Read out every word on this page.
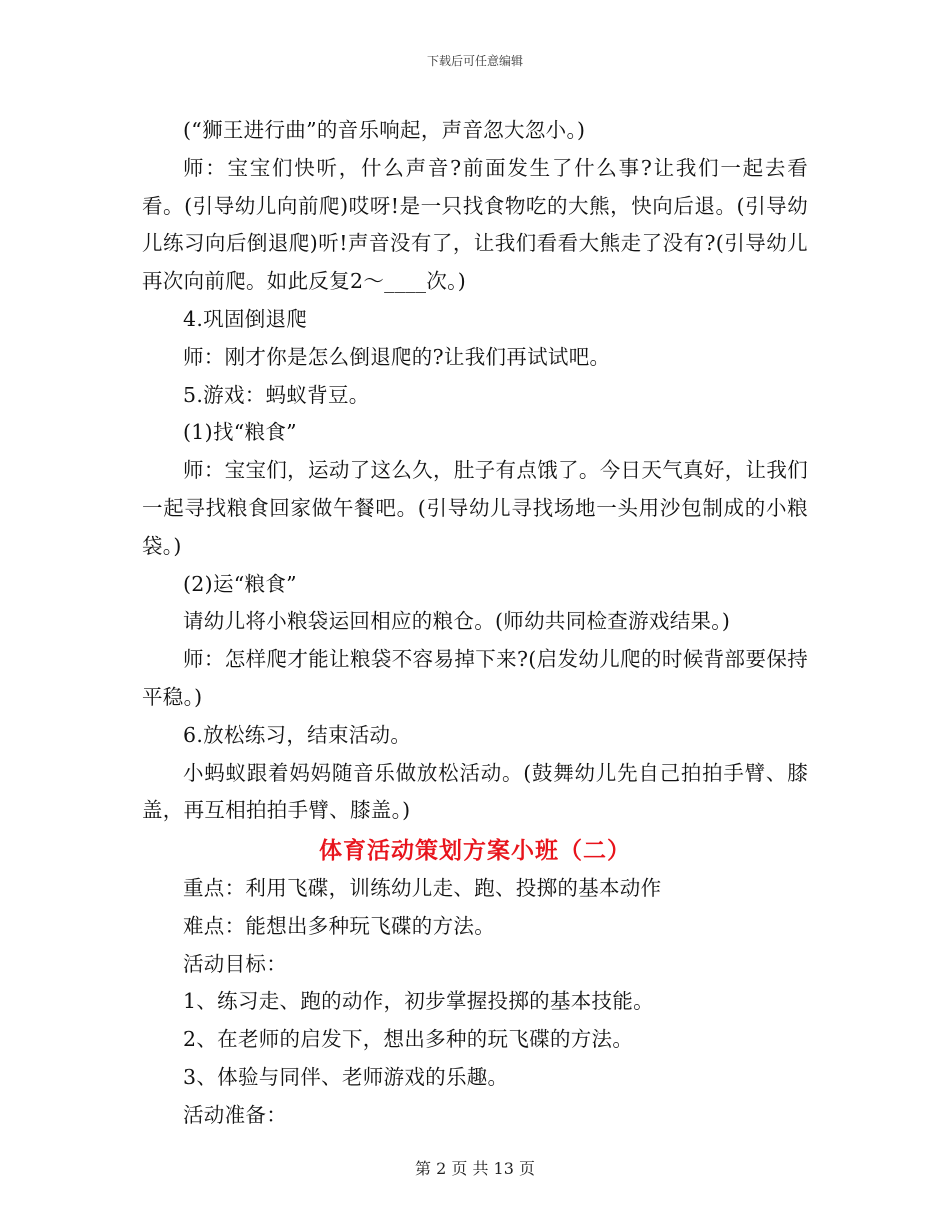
下载后可任意编辑

(“狮王进行曲”的音乐响起，声音忽大忽小。)

师：宝宝们快听，什么声音?前面发生了什么事?让我们一起去看看。(引导幼儿向前爬)哎呀!是一只找食物吃的大熊，快向后退。(引导幼儿练习向后倒退爬)听!声音没有了，让我们看看大熊走了没有?(引导幼儿再次向前爬。如此反复2～____次。)

4.巩固倒退爬

师：刚才你是怎么倒退爬的?让我们再试试吧。

5.游戏：蚂蚁背豆。

(1)找“粮食”

师：宝宝们，运动了这么久，肚子有点饿了。今日天气真好，让我们一起寻找粮食回家做午餐吧。(引导幼儿寻找场地一头用沙包制成的小粮袋。)

(2)运“粮食”

请幼儿将小粮袋运回相应的粮仓。(师幼共同检查游戏结果。)

师：怎样爬才能让粮袋不容易掉下来?(启发幼儿爬的时候背部要保持平稳。)

6.放松练习，结束活动。

小蚂蚁跟着妈妈随音乐做放松活动。(鼓舞幼儿先自己拍拍手臂、膝盖，再互相拍拍手臂、膝盖。)

体育活动策划方案小班（二）

重点：利用飞碟，训练幼儿走、跑、投掷的基本动作

难点：能想出多种玩飞碟的方法。

活动目标：

1、练习走、跑的动作，初步掌握投掷的基本技能。

2、在老师的启发下，想出多种的玩飞碟的方法。

3、体验与同伴、老师游戏的乐趣。

活动准备：

第 2 页 共 13 页
